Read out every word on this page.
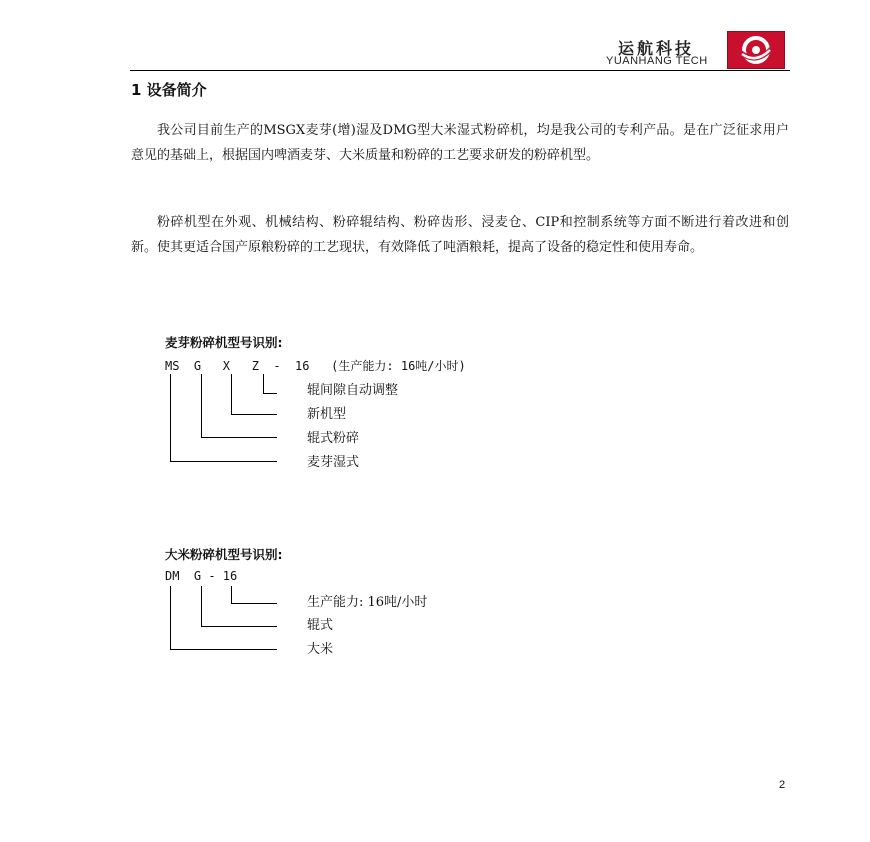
运航科技
YUANHANG TECH
1 设备简介

我公司目前生产的MSGX麦芽(增)湿及DMG型大米湿式粉碎机，均是我公司的专利产品。是在广泛征求用户意见的基础上，根据国内啤酒麦芽、大米质量和粉碎的工艺要求研发的粉碎机型。

粉碎机型在外观、机械结构、粉碎辊结构、粉碎齿形、浸麦仓、CIP和控制系统等方面不断进行着改进和创新。使其更适合国产原粮粉碎的工艺现状，有效降低了吨酒粮耗，提高了设备的稳定性和使用寿命。

麦芽粉碎机型号识别:
MS  G   X   Z  -  16   (生产能力: 16吨/小时)
辊间隙自动调整
新机型
辊式粉碎
麦芽湿式
大米粉碎机型号识别:
DM  G - 16
生产能力: 16吨/小时
辊式
大米
2
